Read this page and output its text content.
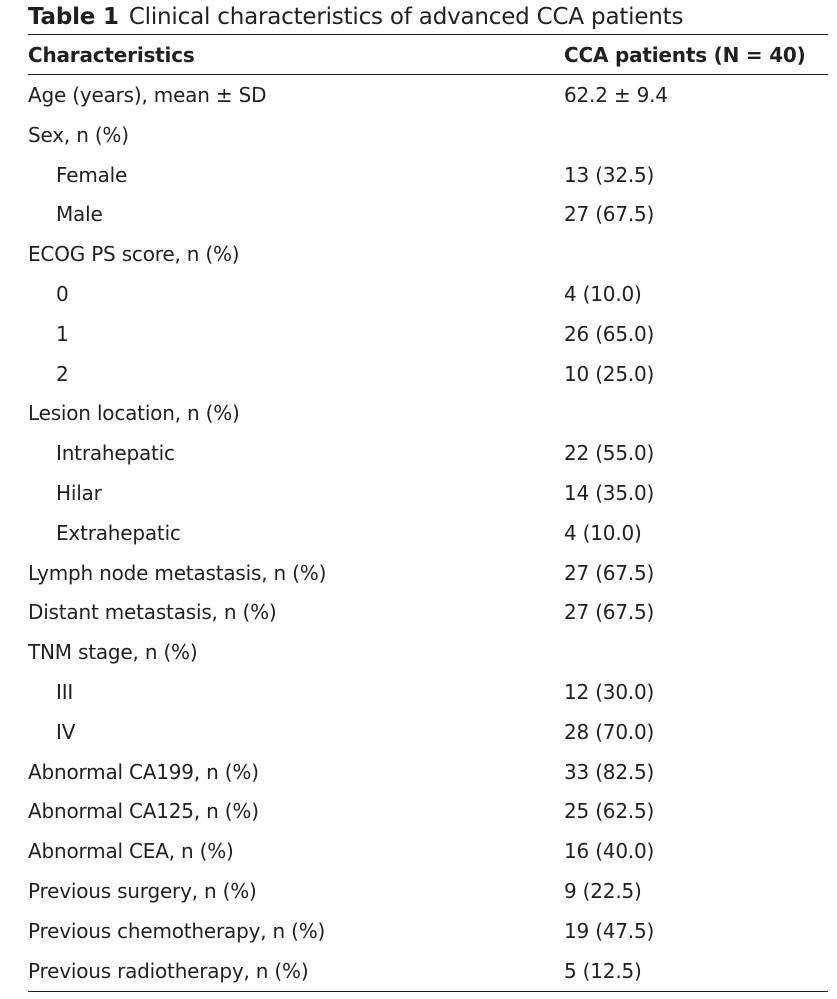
Table 1 Clinical characteristics of advanced CCA patients
Characteristics	CCA patients (N = 40)
Age (years), mean ± SD	62.2 ± 9.4
Sex, n (%)
Female	13 (32.5)
Male	27 (67.5)
ECOG PS score, n (%)
0	4 (10.0)
1	26 (65.0)
2	10 (25.0)
Lesion location, n (%)
Intrahepatic	22 (55.0)
Hilar	14 (35.0)
Extrahepatic	4 (10.0)
Lymph node metastasis, n (%)	27 (67.5)
Distant metastasis, n (%)	27 (67.5)
TNM stage, n (%)
III	12 (30.0)
IV	28 (70.0)
Abnormal CA199, n (%)	33 (82.5)
Abnormal CA125, n (%)	25 (62.5)
Abnormal CEA, n (%)	16 (40.0)
Previous surgery, n (%)	9 (22.5)
Previous chemotherapy, n (%)	19 (47.5)
Previous radiotherapy, n (%)	5 (12.5)
